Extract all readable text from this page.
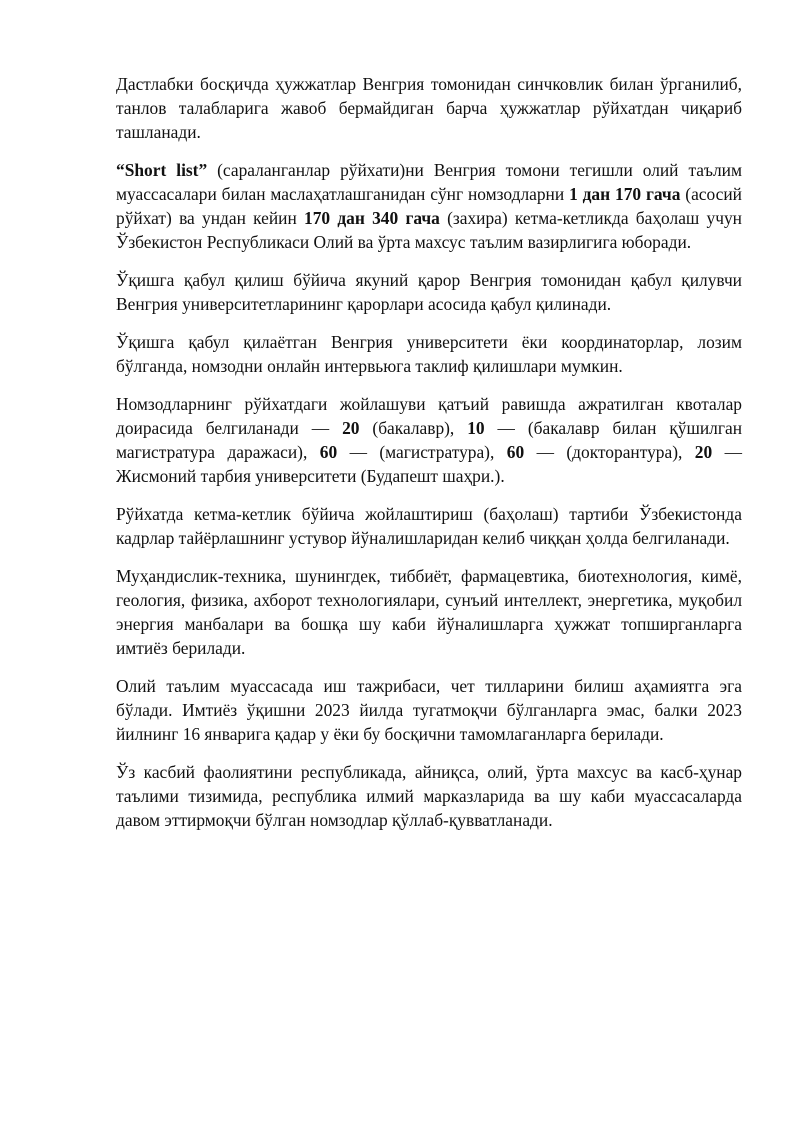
Дастлабки босқичда ҳужжатлар Венгрия томонидан синчковлик билан ўрганилиб, танлов талабларига жавоб бермайдиган барча ҳужжатлар рўйхатдан чиқариб ташланади.

“Short list” (сараланганлар рўйхати)ни Венгрия томони тегишли олий таълим муассасалари билан маслаҳатлашганидан сўнг номзодларни 1 дан 170 гача (асосий рўйхат) ва ундан кейин 170 дан 340 гача (захира) кетма-кетликда баҳолаш учун Ўзбекистон Республикаси Олий ва ўрта махсус таълим вазирлигига юборади.

Ўқишга қабул қилиш бўйича якуний қарор Венгрия томонидан қабул қилувчи Венгрия университетларининг қарорлари асосида қабул қилинади.

Ўқишга қабул қилаётган Венгрия университети ёки координаторлар, лозим бўлганда, номзодни онлайн интервьюга таклиф қилишлари мумкин.

Номзодларнинг рўйхатдаги жойлашуви қатъий равишда ажратилган квоталар доирасида белгиланади — 20 (бакалавр), 10 — (бакалавр билан қўшилган магистратура даражаси), 60 — (магистратура), 60 — (докторантура), 20 — Жисмоний тарбия университети (Будапешт шаҳри.).

Рўйхатда кетма-кетлик бўйича жойлаштириш (баҳолаш) тартиби Ўзбекистонда кадрлар тайёрлашнинг устувор йўналишларидан келиб чиққан ҳолда белгиланади.

Муҳандислик-техника, шунингдек, тиббиёт, фармацевтика, биотехнология, кимё, геология, физика, ахборот технологиялари, сунъий интеллект, энергетика, муқобил энергия манбалари ва бошқа шу каби йўналишларга ҳужжат топширганларга имтиёз берилади.

Олий таълим муассасада иш тажрибаси, чет тилларини билиш аҳамиятга эга бўлади. Имтиёз ўқишни 2023 йилда тугатмоқчи бўлганларга эмас, балки 2023 йилнинг 16 январига қадар у ёки бу босқични тамомлаганларга берилади.

Ўз касбий фаолиятини республикада, айниқса, олий, ўрта махсус ва касб-ҳунар таълими тизимида, республика илмий марказларида ва шу каби муассасаларда давом эттирмоқчи бўлган номзодлар қўллаб-қувватланади.
